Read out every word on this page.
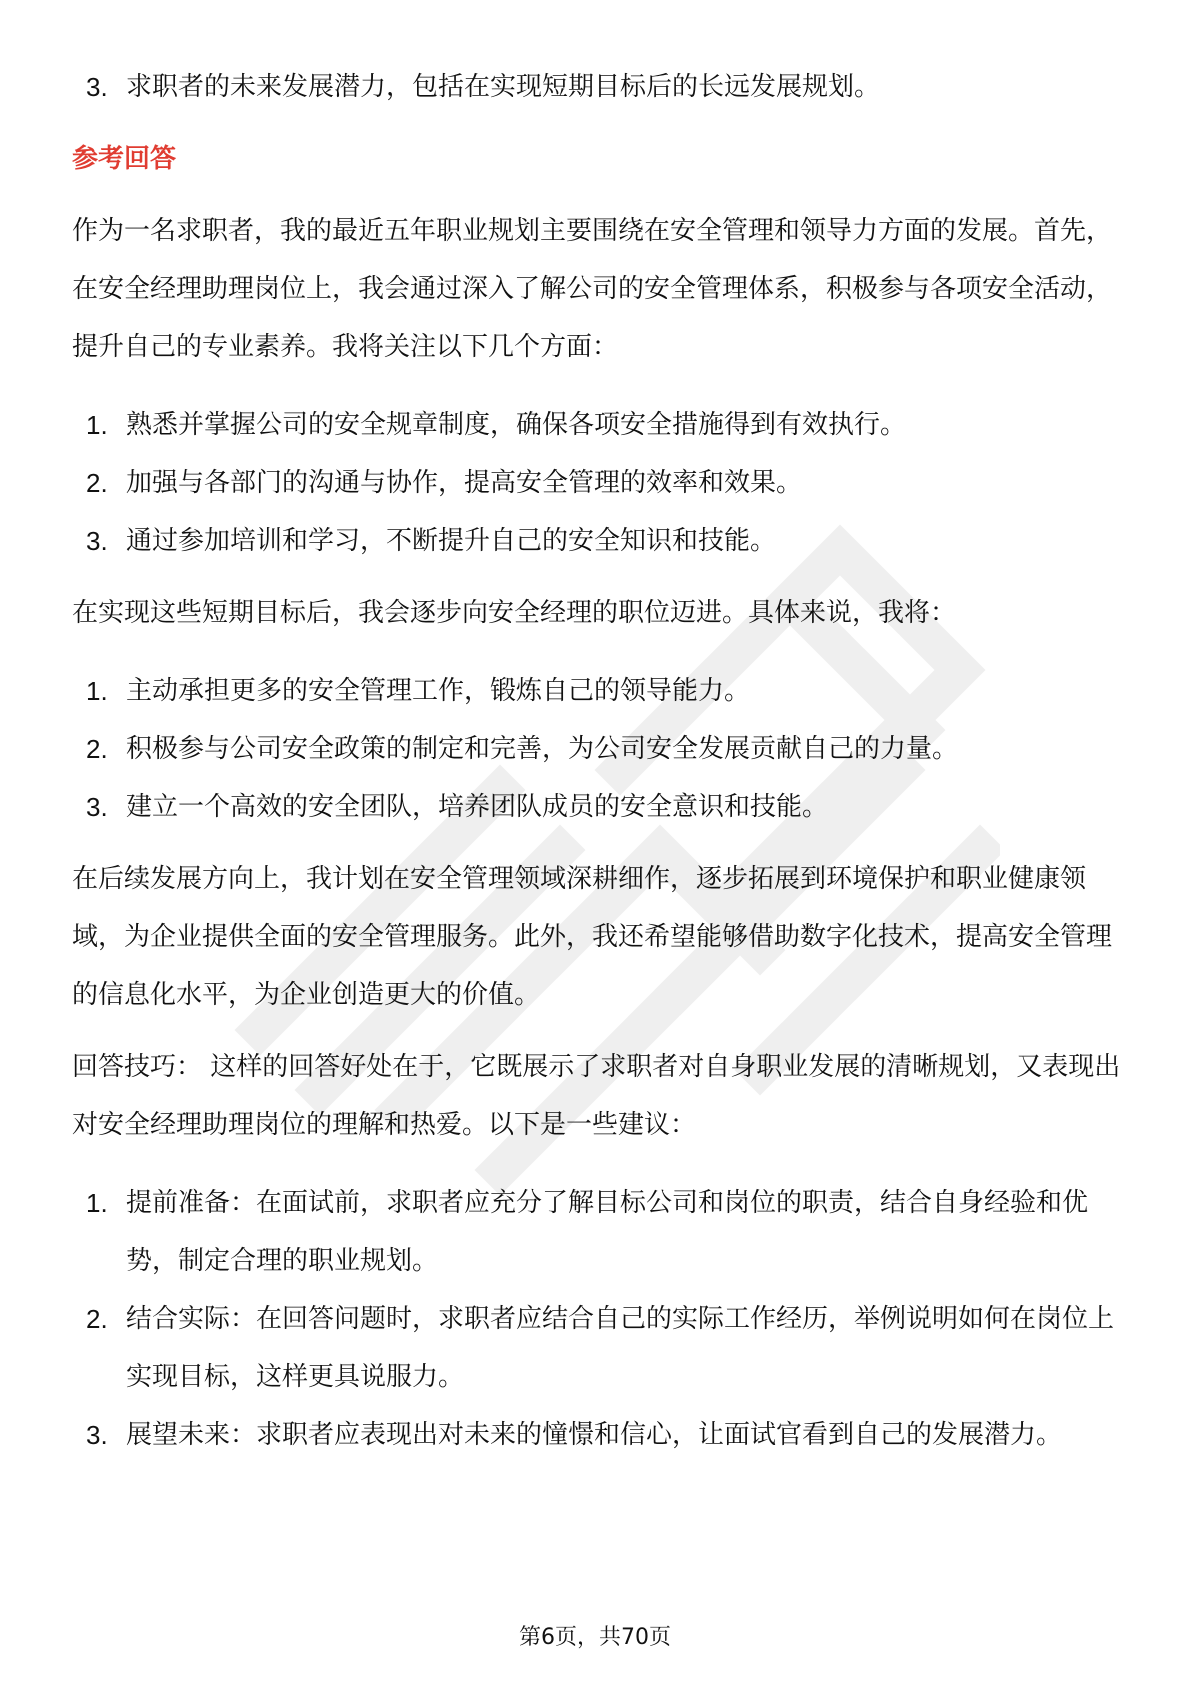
3. 求职者的未来发展潜力，包括在实现短期目标后的长远发展规划。
参考回答

作为一名求职者，我的最近五年职业规划主要围绕在安全管理和领导力方面的发展。首先，在安全经理助理岗位上，我会通过深入了解公司的安全管理体系，积极参与各项安全活动，提升自己的专业素养。我将关注以下几个方面：

1. 熟悉并掌握公司的安全规章制度，确保各项安全措施得到有效执行。
2. 加强与各部门的沟通与协作，提高安全管理的效率和效果。
3. 通过参加培训和学习，不断提升自己的安全知识和技能。

在实现这些短期目标后，我会逐步向安全经理的职位迈进。具体来说，我将：

1. 主动承担更多的安全管理工作，锻炼自己的领导能力。
2. 积极参与公司安全政策的制定和完善，为公司安全发展贡献自己的力量。
3. 建立一个高效的安全团队，培养团队成员的安全意识和技能。

在后续发展方向上，我计划在安全管理领域深耕细作，逐步拓展到环境保护和职业健康领域，为企业提供全面的安全管理服务。此外，我还希望能够借助数字化技术，提高安全管理的信息化水平，为企业创造更大的价值。

回答技巧： 这样的回答好处在于，它既展示了求职者对自身职业发展的清晰规划，又表现出对安全经理助理岗位的理解和热爱。以下是一些建议：

1. 提前准备：在面试前，求职者应充分了解目标公司和岗位的职责，结合自身经验和优势，制定合理的职业规划。
2. 结合实际：在回答问题时，求职者应结合自己的实际工作经历，举例说明如何在岗位上实现目标，这样更具说服力。
3. 展望未来：求职者应表现出对未来的憧憬和信心，让面试官看到自己的发展潜力。
第6页，共70页
